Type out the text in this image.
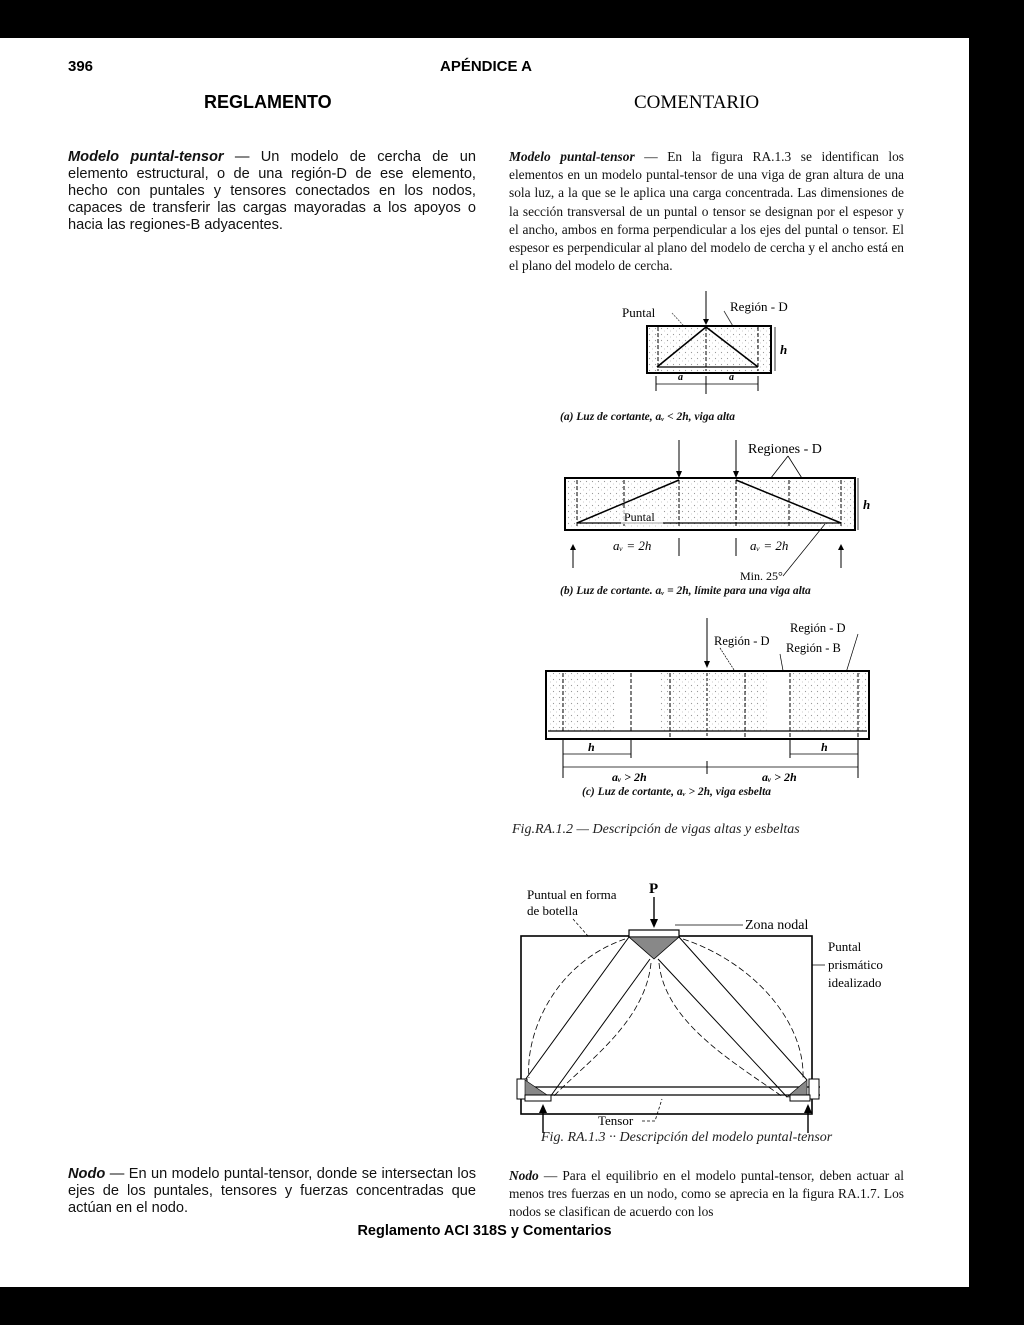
396	APÉNDICE A
REGLAMENTO	COMENTARIO
Modelo puntal-tensor — Un modelo de cercha de un elemento estructural, o de una región-D de ese elemento, hecho con puntales y tensores conectados en los nodos, capaces de transferir las cargas mayoradas a los apoyos o hacia las regiones-B adyacentes.
Modelo puntal-tensor — En la figura RA.1.3 se identifican los elementos en un modelo puntal-tensor de una viga de gran altura de una sola luz, a la que se le aplica una carga concentrada. Las dimensiones de la sección transversal de un puntal o tensor se designan por el espesor y el ancho, ambos en forma perpendicular a los ejes del puntal o tensor. El espesor es perpendicular al plano del modelo de cercha y el ancho está en el plano del modelo de cercha.
Puntal	Región - D
h
a	a
(a) Luz de cortante, aᵥ < 2h, viga alta
Regiones - D
Puntal
h
aᵥ = 2h	aᵥ = 2h
Min. 25°
(b) Luz de cortante. aᵥ = 2h, límite para una viga alta
Región - D
Región - D
Región - B
h	h
aᵥ > 2h	aᵥ > 2h
(c) Luz de cortante, aᵥ > 2h, viga esbelta
Fig.RA.1.2 — Descripción de vigas altas y esbeltas
Puntual en forma
de botella
P
Zona nodal
Puntal
prismático
idealizado
Tensor
Fig. RA.1.3 ·· Descripción del modelo puntal-tensor
Nodo — En un modelo puntal-tensor, donde se intersectan los ejes de los puntales, tensores y fuerzas concentradas que actúan en el nodo.
Nodo — Para el equilibrio en el modelo puntal-tensor, deben actuar al menos tres fuerzas en un nodo, como se aprecia en la figura RA.1.7. Los nodos se clasifican de acuerdo con los
Reglamento ACI 318S y Comentarios
